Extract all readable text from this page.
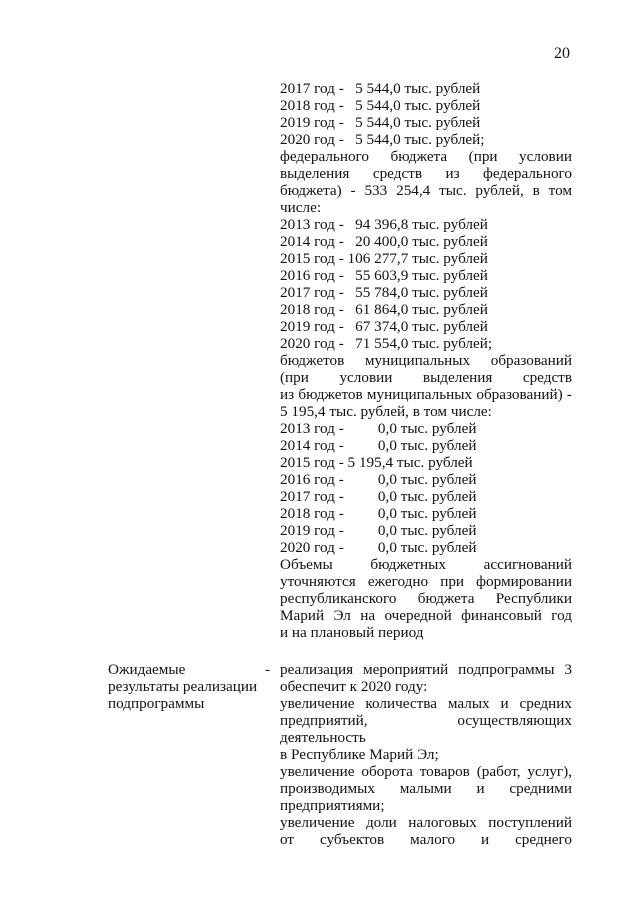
20
2017 год -   5 544,0 тыс. рублей
2018 год -   5 544,0 тыс. рублей
2019 год -   5 544,0 тыс. рублей
2020 год -   5 544,0 тыс. рублей;
федерального бюджета (при условии
выделения средств из федерального
бюджета) - 533 254,4 тыс. рублей, в том
числе:
2013 год -   94 396,8 тыс. рублей
2014 год -   20 400,0 тыс. рублей
2015 год - 106 277,7 тыс. рублей
2016 год -   55 603,9 тыс. рублей
2017 год -   55 784,0 тыс. рублей
2018 год -   61 864,0 тыс. рублей
2019 год -   67 374,0 тыс. рублей
2020 год -   71 554,0 тыс. рублей;
бюджетов муниципальных образований
(при условии выделения средств
из бюджетов муниципальных образований) -
5 195,4 тыс. рублей, в том числе:
2013 год -         0,0 тыс. рублей
2014 год -         0,0 тыс. рублей
2015 год - 5 195,4 тыс. рублей
2016 год -         0,0 тыс. рублей
2017 год -         0,0 тыс. рублей
2018 год -         0,0 тыс. рублей
2019 год -         0,0 тыс. рублей
2020 год -         0,0 тыс. рублей
Объемы бюджетных ассигнований
уточняются ежегодно при формировании
республиканского бюджета Республики
Марий Эл на очередной финансовый год
и на плановый период
Ожидаемые
результаты реализации
подпрограммы
- реализация мероприятий подпрограммы 3
обеспечит к 2020 году:
увеличение количества малых и средних
предприятий, осуществляющих деятельность
в Республике Марий Эл;
увеличение оборота товаров (работ, услуг),
производимых малыми и средними
предприятиями;
увеличение доли налоговых поступлений
от субъектов малого и среднего
